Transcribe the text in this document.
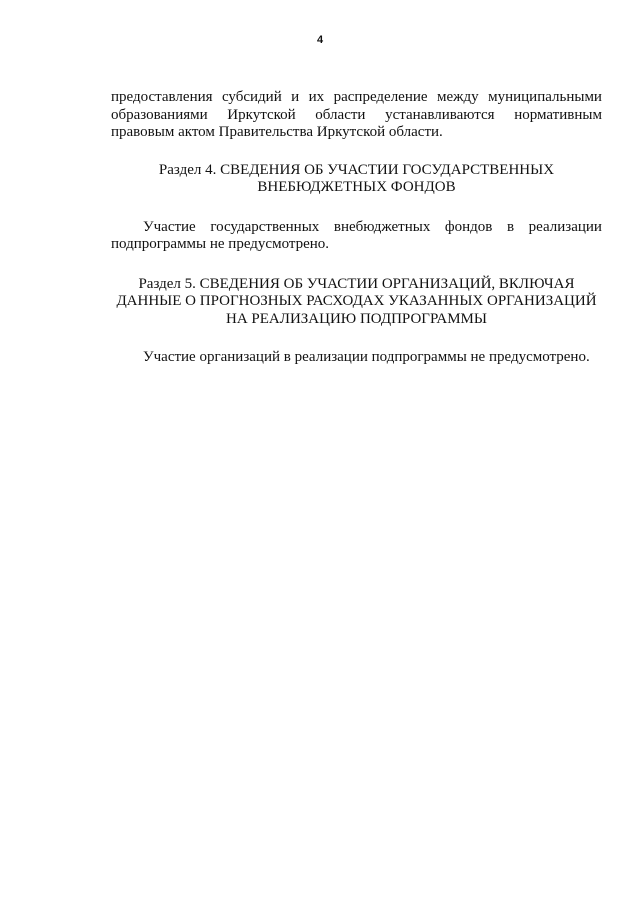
4
предоставления субсидий и их распределение между муниципальными
образованиями Иркутской области устанавливаются нормативным
правовым актом Правительства Иркутской области.
Раздел 4. СВЕДЕНИЯ ОБ УЧАСТИИ ГОСУДАРСТВЕННЫХ
ВНЕБЮДЖЕТНЫХ ФОНДОВ
Участие государственных внебюджетных фондов в реализации
подпрограммы не предусмотрено.
Раздел 5. СВЕДЕНИЯ ОБ УЧАСТИИ ОРГАНИЗАЦИЙ, ВКЛЮЧАЯ
ДАННЫЕ О ПРОГНОЗНЫХ РАСХОДАХ УКАЗАННЫХ ОРГАНИЗАЦИЙ
НА РЕАЛИЗАЦИЮ ПОДПРОГРАММЫ
Участие организаций в реализации подпрограммы не предусмотрено.
